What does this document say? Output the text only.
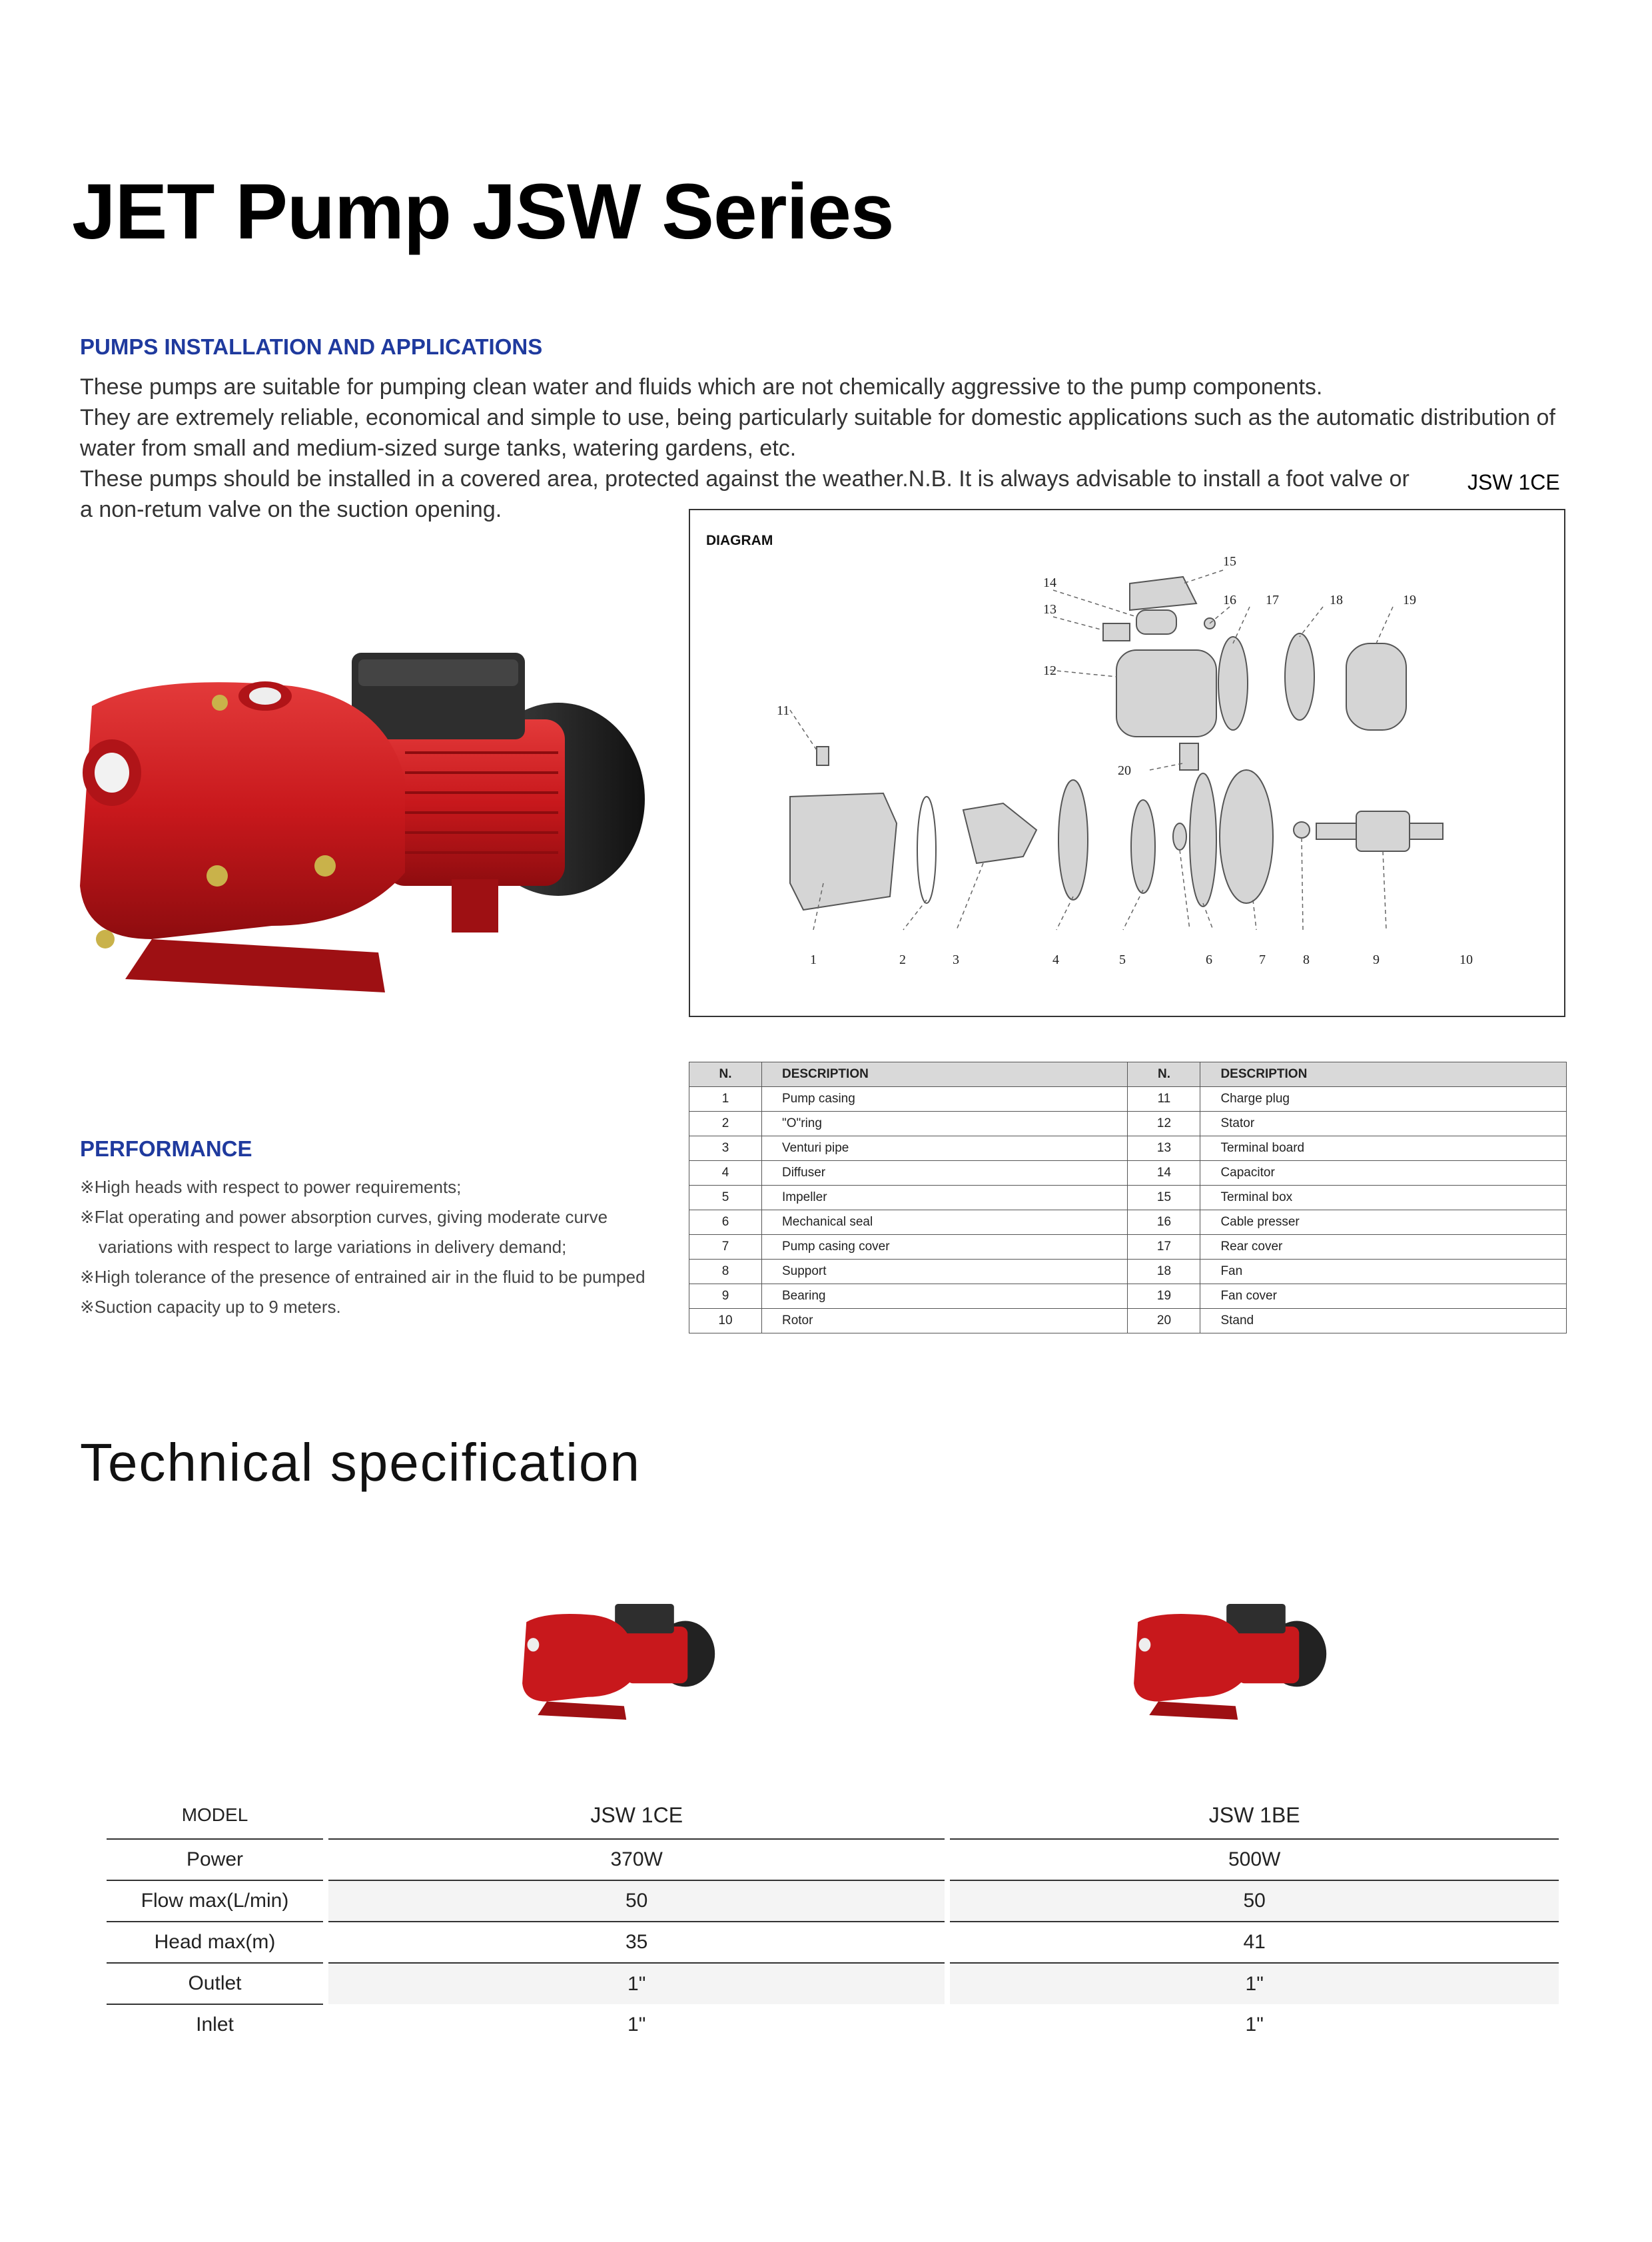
JET Pump JSW Series
PUMPS INSTALLATION AND APPLICATIONS

These pumps are suitable for pumping clean water and fluids which are not chemically aggressive to the pump components.

They are extremely reliable, economical and simple to use, being particularly suitable for domestic applications such as the automatic distribution of water from small and medium-sized surge tanks, watering gardens, etc.

These pumps should be installed in a covered area, protected against the weather.N.B. It is always advisable to install a foot valve or a non-retum valve on the suction opening.

JSW 1CE
DIAGRAM
1	2	3	4	5	6	7	8	9	10
11
12
13
14
15
16 17	18	19
20
N.	DESCRIPTION	N.	DESCRIPTION
1	Pump casing	11	Charge plug
2	"O"ring	12	Stator
3	Venturi pipe	13	Terminal board
4	Diffuser	14	Capacitor
5	Impeller	15	Terminal box
6	Mechanical seal	16	Cable presser
7	Pump casing cover	17	Rear cover
8	Support	18	Fan
9	Bearing	19	Fan cover
10	Rotor	20	Stand
PERFORMANCE
※High heads with respect to power requirements;
※Flat operating and power absorption curves, giving moderate curve
variations with respect to large variations in delivery demand;
※High tolerance of the presence of entrained air in the fluid to be pumped
※Suction capacity up to 9 meters.
Technical specification
MODEL		JSW 1CE		JSW 1BE
Power		370W		500W
Flow max(L/min)		50		50
Head max(m)		35		41
Outlet		1"		1"
Inlet		1"		1"
